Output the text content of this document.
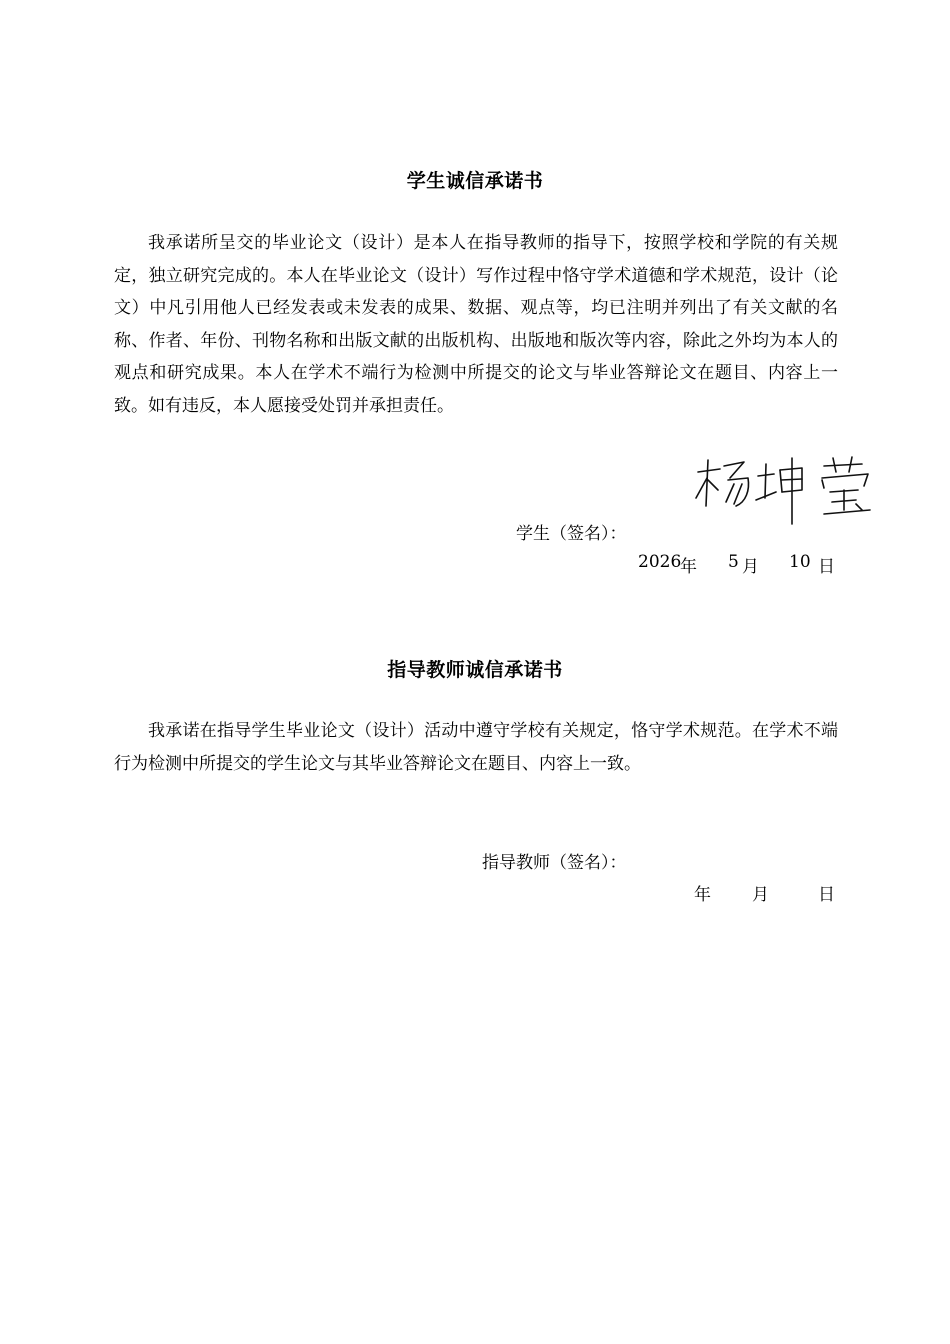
学生诚信承诺书

我承诺所呈交的毕业论文（设计）是本人在指导教师的指导下，按照学校和学院的有关规定，独立研究完成的。本人在毕业论文（设计）写作过程中恪守学术道德和学术规范，设计（论文）中凡引用他人已经发表或未发表的成果、数据、观点等，均已注明并列出了有关文献的名称、作者、年份、刊物名称和出版文献的出版机构、出版地和版次等内容，除此之外均为本人的观点和研究成果。本人在学术不端行为检测中所提交的论文与毕业答辩论文在题目、内容上一致。如有违反，本人愿接受处罚并承担责任。

学生（签名）：
2026
年 5 月 10 日
指导教师诚信承诺书

我承诺在指导学生毕业论文（设计）活动中遵守学校有关规定，恪守学术规范。在学术不端行为检测中所提交的学生论文与其毕业答辩论文在题目、内容上一致。

指导教师（签名）：
年 月	日
